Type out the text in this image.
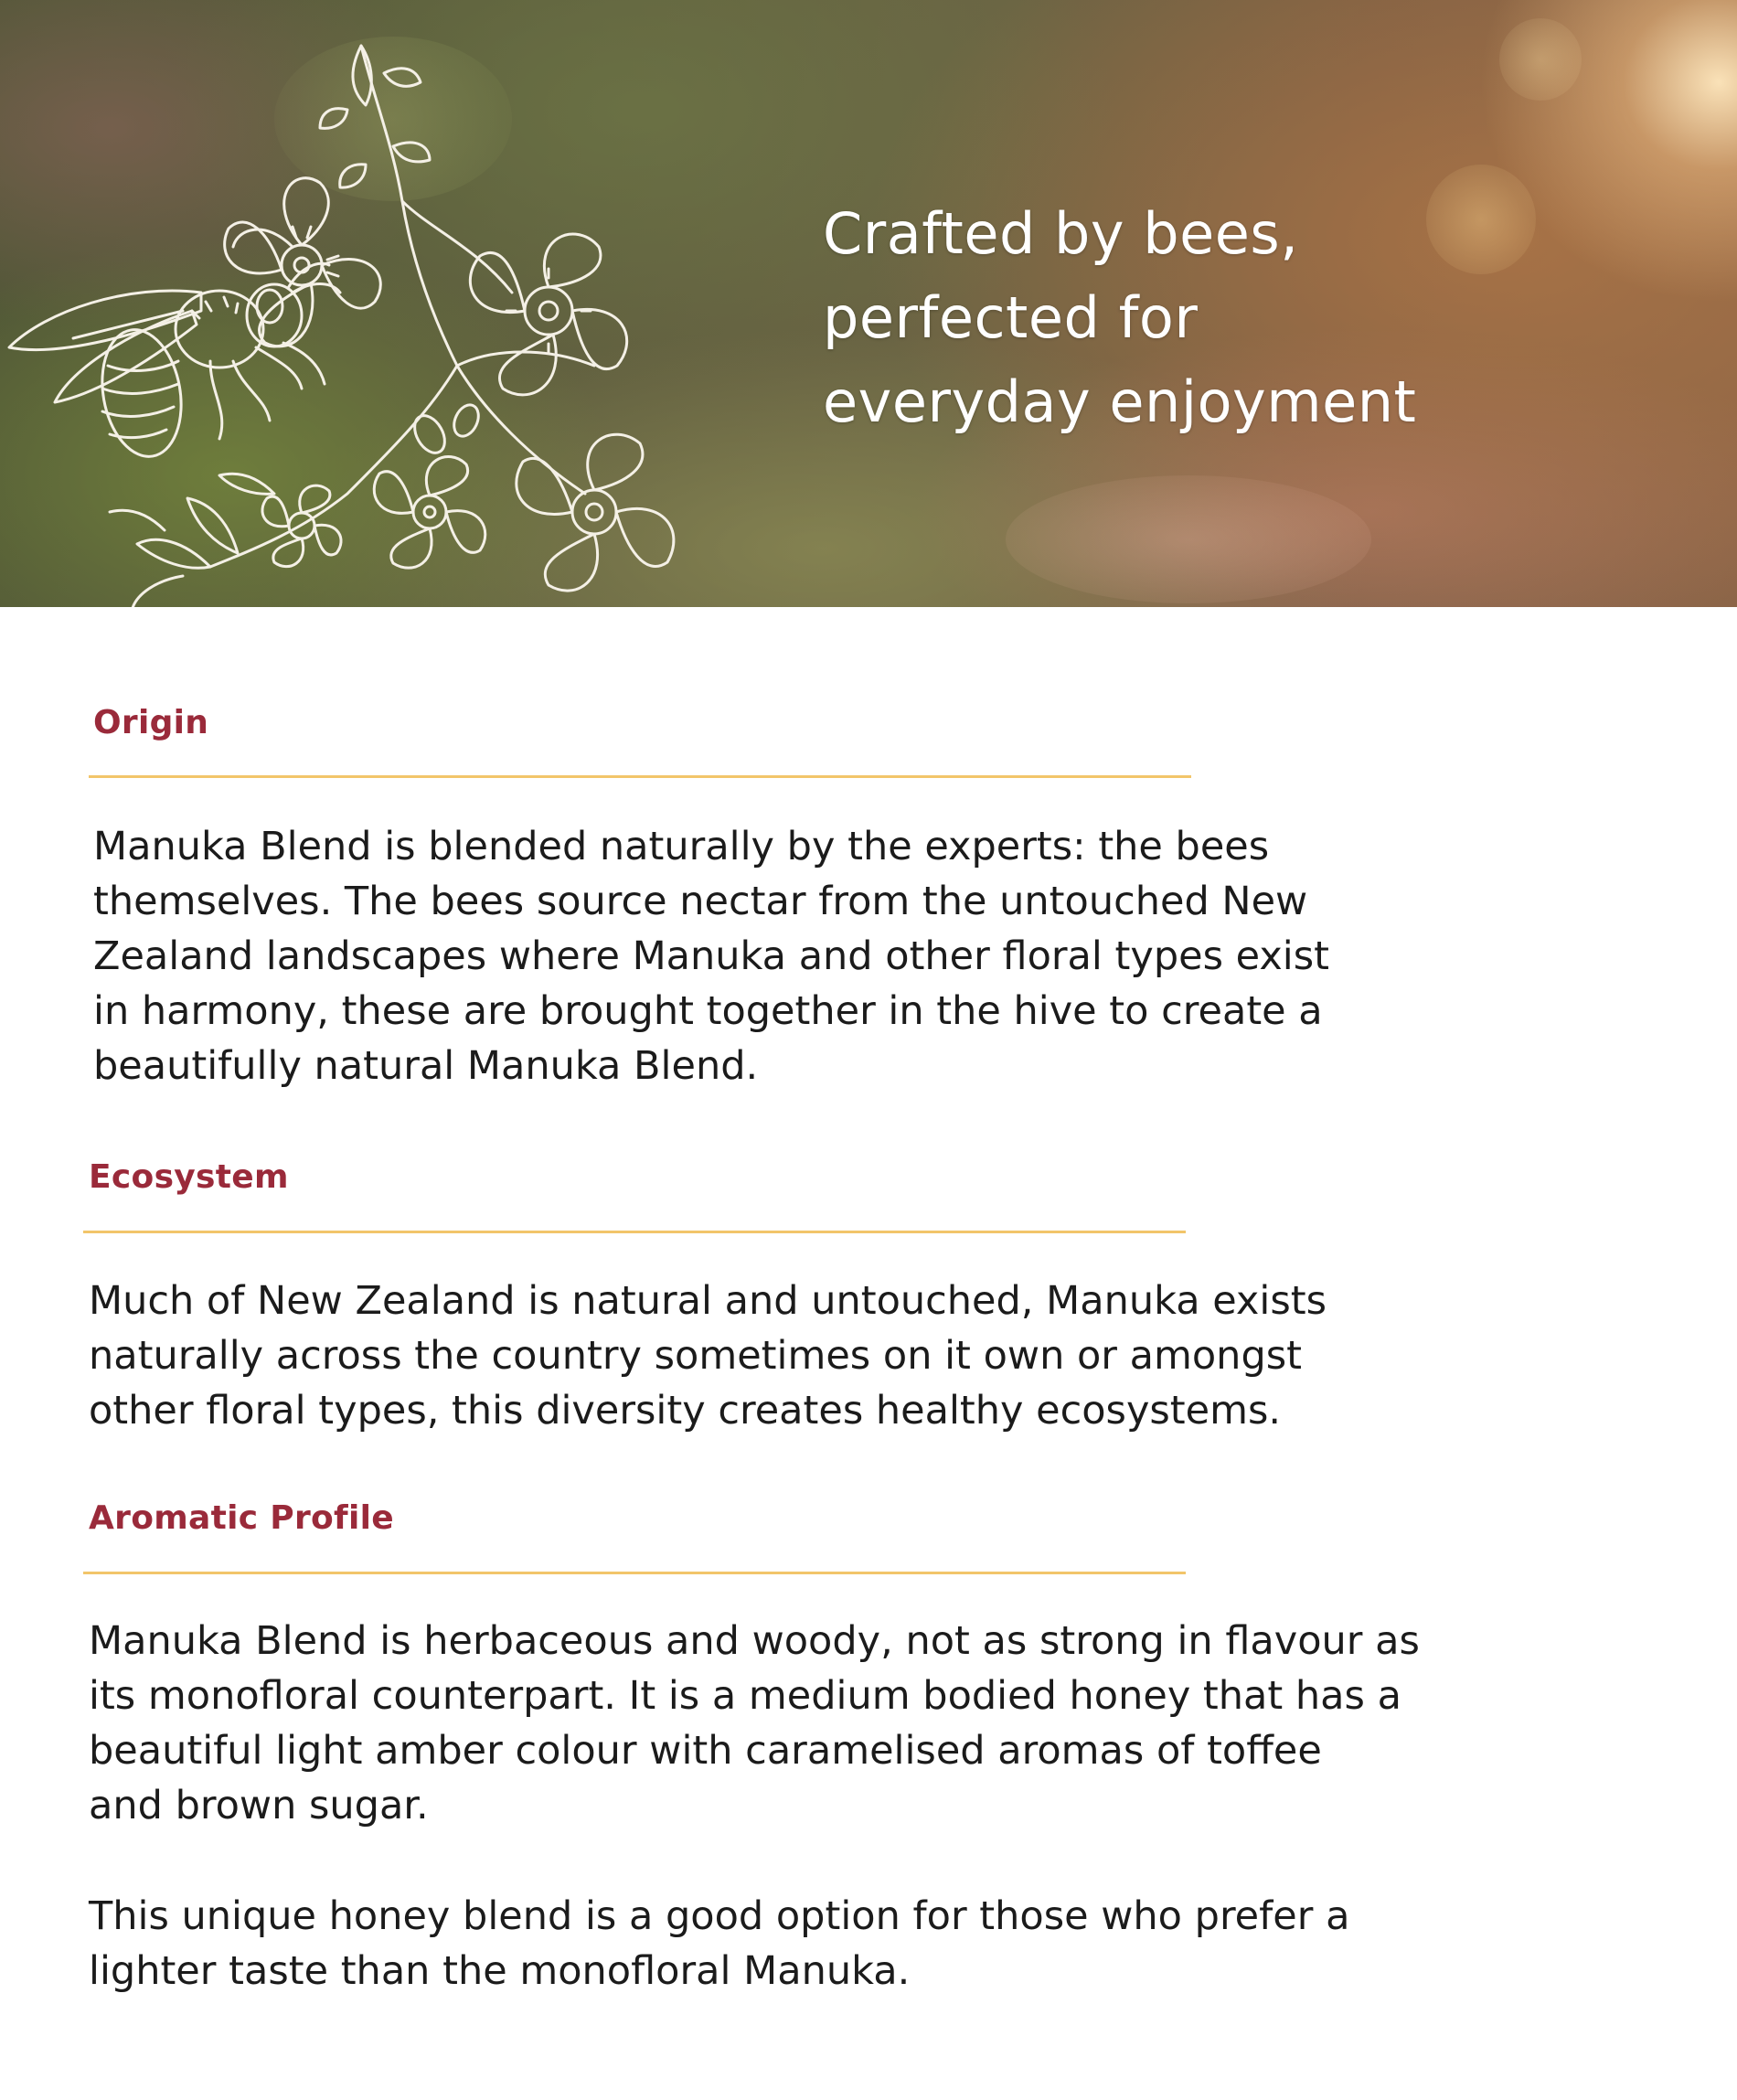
Crafted by bees,
perfected for
everyday enjoyment
Origin
Manuka Blend is blended naturally by the experts: the bees
themselves. The bees source nectar from the untouched New
Zealand landscapes where Manuka and other floral types exist
in harmony, these are brought together in the hive to create a
beautifully natural Manuka Blend.
Ecosystem
Much of New Zealand is natural and untouched, Manuka exists
naturally across the country sometimes on it own or amongst
other floral types, this diversity creates healthy ecosystems.
Aromatic Profile
Manuka Blend is herbaceous and woody, not as strong in flavour as
its monofloral counterpart. It is a medium bodied honey that has a
beautiful light amber colour with caramelised aromas of toffee
and brown sugar.
This unique honey blend is a good option for those who prefer a
lighter taste than the monofloral Manuka.
